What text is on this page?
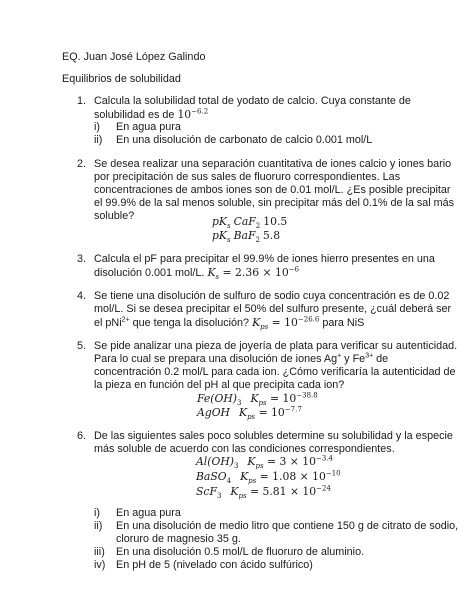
EQ. Juan José López Galindo
Equilibrios de solubilidad
1. Calcula la solubilidad total de yodato de calcio. Cuya constante de
solubilidad es de $10^{-6.2}$
i) En agua pura
ii) En una disolución de carbonato de calcio 0.001 mol/L
2. Se desea realizar una separación cuantitativa de iones calcio y iones bario
por precipitación de sus sales de fluoruro correspondientes. Las
concentraciones de ambos iones son de 0.01 mol/L. ¿Es posible precipitar
el 99.9% de la sal menos soluble, sin precipitar más del 0.1% de la sal más
soluble?	$pK_s$ CaF$_2$ 10.5
$pK_s$ BaF$_2$ 5.8
3. Calcula el pF para precipitar el 99.9% de iones hierro presentes en una
disolución 0.001 mol/L. $K_s = 2.36 \times 10^{-6}$
4. Se tiene una disolución de sulfuro de sodio cuya concentración es de 0.02
mol/L. Si se desea precipitar el 50% del sulfuro presente, ¿cuál deberá ser
el pNi$^{2+}$ que tenga la disolución? $K_{ps} = 10^{-26.6}$ para NiS
5. Se pide analizar una pieza de joyería de plata para verificar su autenticidad.
Para lo cual se prepara una disolución de iones Ag+ y $Fe^{3+}$ de
concentración 0.2 mol/L para cada ion. ¿Cómo verificaría la autenticidad de
la pieza en función del pH al que precipita cada ion?
$Fe(OH)_3$ $K_{ps} = 10^{-38.8}$
AgOH $K_{ps} = 10^{-7.7}$
6. De las siguientes sales poco solubles determine su solubilidad y la especie
más soluble de acuerdo con las condiciones correspondientes.
$Al(OH)_3$ $K_{ps} = 3 \times 10^{-3.4}$
BaSO$_4$ $K_{ps} = 1.08 \times 10^{-10}$
ScF$_3$ $K_{ps} = 5.81 \times 10^{-24}$
i) En agua pura
ii) En una disolución de medio litro que contiene 150 g de citrato de sodio,
cloruro de magnesio 35 g.
iii) En una disolución 0.5 mol/L de fluoruro de aluminio.
iv) En pH de 5 (nivelado con ácido sulfúrico)
